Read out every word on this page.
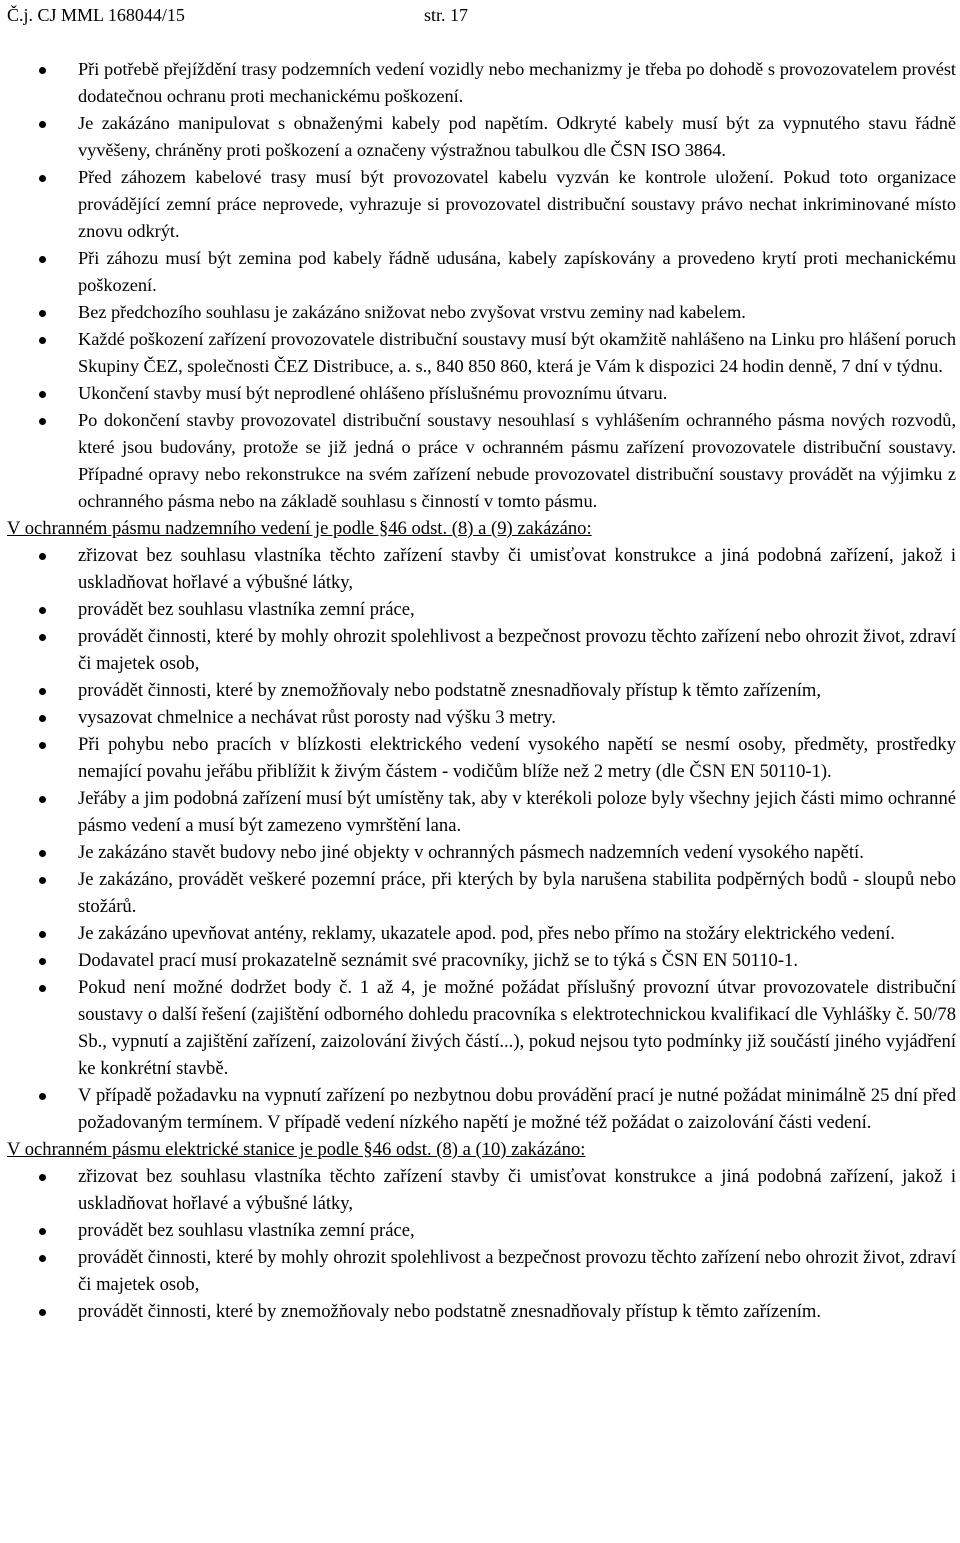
Č.j. CJ MML 168044/15	str. 17
Při potřebě přejíždění trasy podzemních vedení vozidly nebo mechanizmy je třeba po dohodě s provozovatelem provést dodatečnou ochranu proti mechanickému poškození.
Je zakázáno manipulovat s obnaženými kabely pod napětím. Odkryté kabely musí být za vypnutého stavu řádně vyvěšeny, chráněny proti poškození a označeny výstražnou tabulkou dle ČSN ISO 3864.
Před záhozem kabelové trasy musí být provozovatel kabelu vyzván ke kontrole uložení. Pokud toto organizace provádějící zemní práce neprovede, vyhrazuje si provozovatel distribuční soustavy právo nechat inkriminované místo znovu odkrýt.
Při záhozu musí být zemina pod kabely řádně udusána, kabely zapískovány a provedeno krytí proti mechanickému poškození.
Bez předchozího souhlasu je zakázáno snižovat nebo zvyšovat vrstvu zeminy nad kabelem.
Každé poškození zařízení provozovatele distribuční soustavy musí být okamžitě nahlášeno na Linku pro hlášení poruch Skupiny ČEZ, společnosti ČEZ Distribuce, a. s., 840 850 860, která je Vám k dispozici 24 hodin denně, 7 dní v týdnu.
Ukončení stavby musí být neprodlené ohlášeno příslušnému provoznímu útvaru.
Po dokončení stavby provozovatel distribuční soustavy nesouhlasí s vyhlášením ochranného pásma nových rozvodů, které jsou budovány, protože se již jedná o práce v ochranném pásmu zařízení provozovatele distribuční soustavy. Případné opravy nebo rekonstrukce na svém zařízení nebude provozovatel distribuční soustavy provádět na výjimku z ochranného pásma nebo na základě souhlasu s činností v tomto pásmu.

V ochranném pásmu nadzemního vedení je podle §46 odst. (8) a (9) zakázáno:

zřizovat bez souhlasu vlastníka těchto zařízení stavby či umisťovat konstrukce a jiná podobná zařízení, jakož i uskladňovat hořlavé a výbušné látky,
provádět bez souhlasu vlastníka zemní práce,
provádět činnosti, které by mohly ohrozit spolehlivost a bezpečnost provozu těchto zařízení nebo ohrozit život, zdraví či majetek osob,
provádět činnosti, které by znemožňovaly nebo podstatně znesnadňovaly přístup k těmto zařízením,
vysazovat chmelnice a nechávat růst porosty nad výšku 3 metry.
Při pohybu nebo pracích v blízkosti elektrického vedení vysokého napětí se nesmí osoby, předměty, prostředky nemající povahu jeřábu přiblížit k živým částem - vodičům blíže než 2 metry (dle ČSN EN 50110-1).
Jeřáby a jim podobná zařízení musí být umístěny tak, aby v kterékoli poloze byly všechny jejich části mimo ochranné pásmo vedení a musí být zamezeno vymrštění lana.
Je zakázáno stavět budovy nebo jiné objekty v ochranných pásmech nadzemních vedení vysokého napětí.
Je zakázáno, provádět veškeré pozemní práce, při kterých by byla narušena stabilita podpěrných bodů - sloupů nebo stožárů.
Je zakázáno upevňovat antény, reklamy, ukazatele apod. pod, přes nebo přímo na stožáry elektrického vedení.
Dodavatel prací musí prokazatelně seznámit své pracovníky, jichž se to týká s ČSN EN 50110-1.
Pokud není možné dodržet body č. 1 až 4, je možné požádat příslušný provozní útvar provozovatele distribuční soustavy o další řešení (zajištění odborného dohledu pracovníka s elektrotechnickou kvalifikací dle Vyhlášky č. 50/78 Sb., vypnutí a zajištění zařízení, zaizolování živých částí...), pokud nejsou tyto podmínky již součástí jiného vyjádření ke konkrétní stavbě.
V případě požadavku na vypnutí zařízení po nezbytnou dobu provádění prací je nutné požádat minimálně 25 dní před požadovaným termínem. V případě vedení nízkého napětí je možné též požádat o zaizolování části vedení.

V ochranném pásmu elektrické stanice je podle §46 odst. (8) a (10) zakázáno:

zřizovat bez souhlasu vlastníka těchto zařízení stavby či umisťovat konstrukce a jiná podobná zařízení, jakož i uskladňovat hořlavé a výbušné látky,
provádět bez souhlasu vlastníka zemní práce,
provádět činnosti, které by mohly ohrozit spolehlivost a bezpečnost provozu těchto zařízení nebo ohrozit život, zdraví či majetek osob,
provádět činnosti, které by znemožňovaly nebo podstatně znesnadňovaly přístup k těmto zařízením.
